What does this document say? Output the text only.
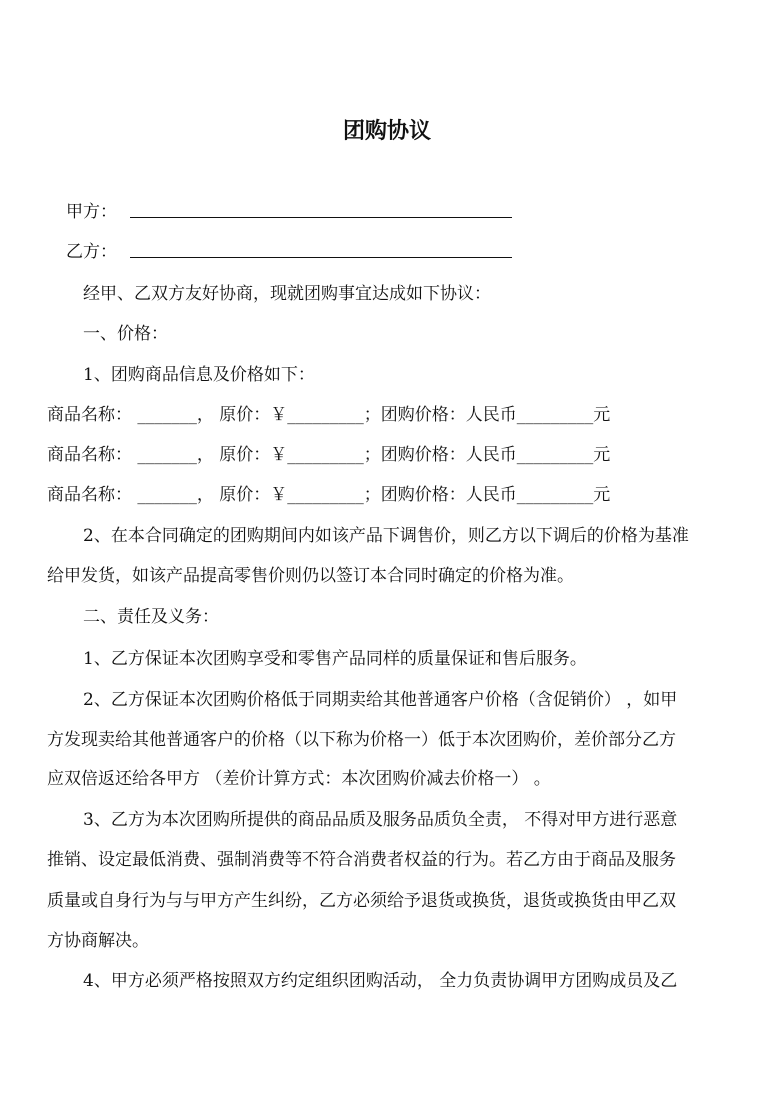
团购协议
甲方：
乙方：
经甲、乙双方友好协商，现就团购事宜达成如下协议：
一、价格：
1、团购商品信息及价格如下：
商品名称： _______， 原价：￥_________；团购价格：人民币_________元
商品名称： _______， 原价：￥_________；团购价格：人民币_________元
商品名称： _______， 原价：￥_________；团购价格：人民币_________元
2、在本合同确定的团购期间内如该产品下调售价，则乙方以下调后的价格为基准
给甲发货，如该产品提高零售价则仍以签订本合同时确定的价格为准。
二、责任及义务：
1、乙方保证本次团购享受和零售产品同样的质量保证和售后服务。
2、乙方保证本次团购价格低于同期卖给其他普通客户价格（含促销价） ，如甲
方发现卖给其他普通客户的价格（以下称为价格一）低于本次团购价，差价部分乙方
应双倍返还给各甲方 （差价计算方式：本次团购价减去价格一） 。
3、乙方为本次团购所提供的商品品质及服务品质负全责， 不得对甲方进行恶意
推销、设定最低消费、强制消费等不符合消费者权益的行为。若乙方由于商品及服务
质量或自身行为与与甲方产生纠纷，乙方必须给予退货或换货，退货或换货由甲乙双
方协商解决。
4、甲方必须严格按照双方约定组织团购活动， 全力负责协调甲方团购成员及乙
